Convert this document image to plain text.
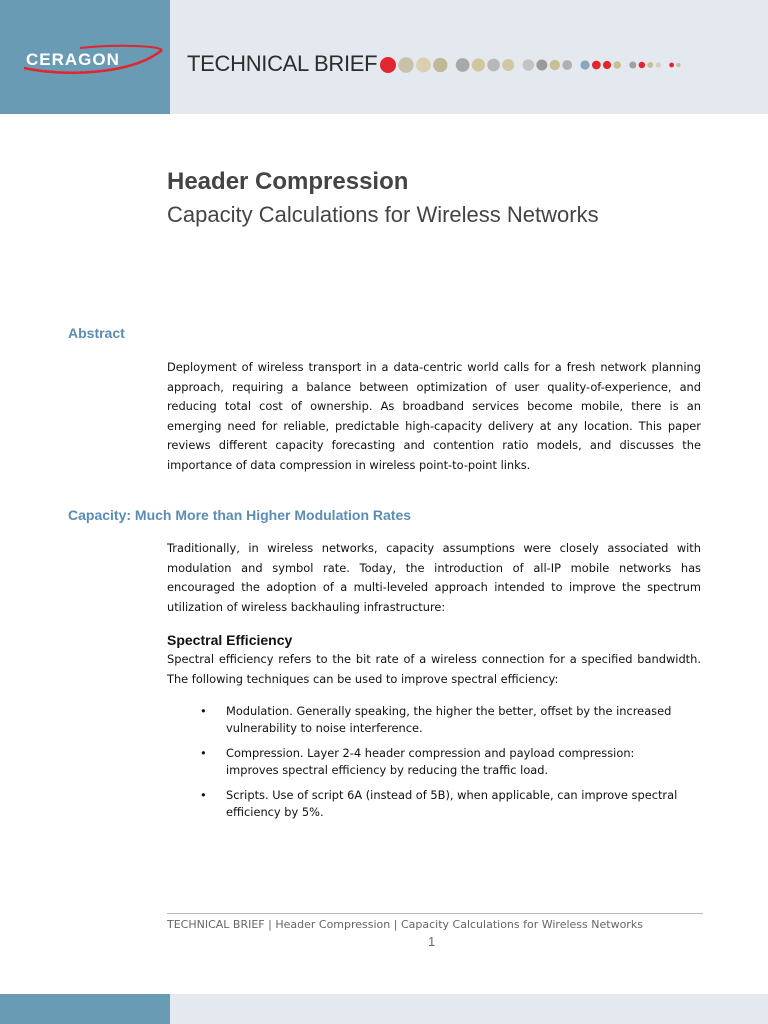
CERAGON	TECHNICAL BRIEF
Header Compression
Capacity Calculations for Wireless Networks
Abstract
Deployment of wireless transport in a data-centric world calls for a fresh network planning approach, requiring a balance between optimization of user quality-of-experience, and reducing total cost of ownership. As broadband services become mobile, there is an emerging need for reliable, predictable high-capacity delivery at any location. This paper reviews different capacity forecasting and contention ratio models, and discusses the importance of data compression in wireless point-to-point links.
Capacity: Much More than Higher Modulation Rates
Traditionally, in wireless networks, capacity assumptions were closely associated with modulation and symbol rate. Today, the introduction of all-IP mobile networks has encouraged the adoption of a multi-leveled approach intended to improve the spectrum utilization of wireless backhauling infrastructure:
Spectral Efficiency
Spectral efficiency refers to the bit rate of a wireless connection for a specified bandwidth. The following techniques can be used to improve spectral efficiency:
• Modulation. Generally speaking, the higher the better, offset by the increased vulnerability to noise interference.
• Compression. Layer 2-4 header compression and payload compression: improves spectral efficiency by reducing the traffic load.
• Scripts. Use of script 6A (instead of 5B), when applicable, can improve spectral efficiency by 5%.
TECHNICAL BRIEF | Header Compression | Capacity Calculations for Wireless Networks
1
